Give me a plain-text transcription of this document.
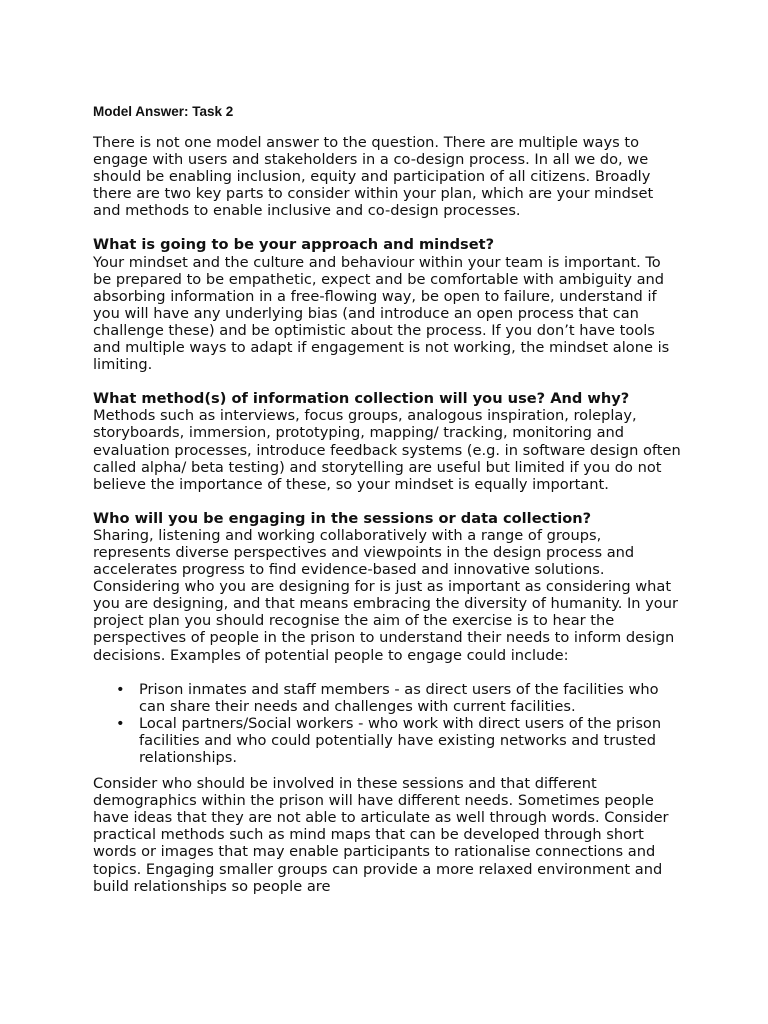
Model Answer: Task 2

There is not one model answer to the question. There are multiple ways to engage with users and stakeholders in a co-design process. In all we do, we should be enabling inclusion, equity and participation of all citizens. Broadly there are two key parts to consider within your plan, which are your mindset and methods to enable inclusive and co-design processes.

What is going to be your approach and mindset?
Your mindset and the culture and behaviour within your team is important. To be prepared to be empathetic, expect and be comfortable with ambiguity and absorbing information in a free-flowing way, be open to failure, understand if you will have any underlying bias (and introduce an open process that can challenge these) and be optimistic about the process. If you don’t have tools and multiple ways to adapt if engagement is not working, the mindset alone is limiting.

What method(s) of information collection will you use? And why?
Methods such as interviews, focus groups, analogous inspiration, roleplay, storyboards, immersion, prototyping, mapping/ tracking, monitoring and evaluation processes, introduce feedback systems (e.g. in software design often called alpha/ beta testing) and storytelling are useful but limited if you do not believe the importance of these, so your mindset is equally important.

Who will you be engaging in the sessions or data collection?
Sharing, listening and working collaboratively with a range of groups, represents diverse perspectives and viewpoints in the design process and accelerates progress to find evidence-based and innovative solutions. Considering who you are designing for is just as important as considering what you are designing, and that means embracing the diversity of humanity. In your project plan you should recognise the aim of the exercise is to hear the perspectives of people in the prison to understand their needs to inform design decisions. Examples of potential people to engage could include:

• Prison inmates and staff members - as direct users of the facilities who can share their needs and challenges with current facilities.
• Local partners/Social workers - who work with direct users of the prison facilities and who could potentially have existing networks and trusted relationships.

Consider who should be involved in these sessions and that different demographics within the prison will have different needs. Sometimes people have ideas that they are not able to articulate as well through words. Consider practical methods such as mind maps that can be developed through short words or images that may enable participants to rationalise connections and topics. Engaging smaller groups can provide a more relaxed environment and build relationships so people are
